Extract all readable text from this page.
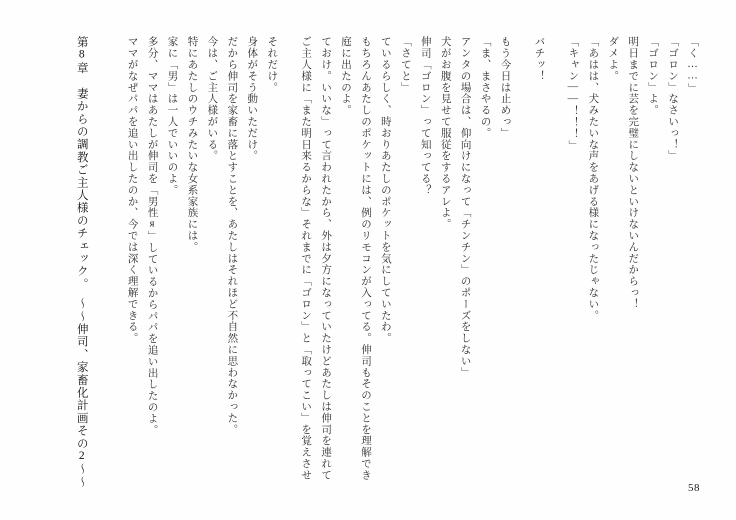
第8章　妻からの調教ご主人様のチェック。　〜〜伸司、家畜化計画その2〜〜	ママがなぜパパを追い出したのか、今では深く理解できる。 多分、ママはあたしが伸司を「男性я」しているからパパを追い出したのよ。 家に「男」は一人でいいのよ。 特にあたしのウチみたいな女系家族には。 今は、ご主人様がいる。 だから伸司を家畜に落とすことを、あたしはそれほど不自然に思わなかった。 身体がそう動いただけ。 それだけ。	ご主人様に「また明日来るからな」それまでに「ゴロン」と「取ってこい」を覚えさせ ておけ。いいな」って言われたから、外は夕方になっていたけどあたしは伸司を連れて 庭に出たのよ。 もちろんあたしのポケットには、例のリモコンが入ってる。伸司もそのことを理解でき ているらしく、時おりあたしのポケットを気にしていたわ。 「さてと」 伸司「ゴロン」って知ってる？ 犬がお腹を見せて服従をするアレよ。 アンタの場合は、仰向けになって「チンチン」のポーズをしない」 「ま、まさやるの。 もう今日は止めっ」	バチッ！	「キャン――！！！」 「あはは、犬みたいな声をあげる様になったじゃない。 ダメよ。 明日までに芸を完璧にしないといけないんだからっ！ 「ゴロン」よ。 「ゴロン」なさいっ！」 「く……」
58
